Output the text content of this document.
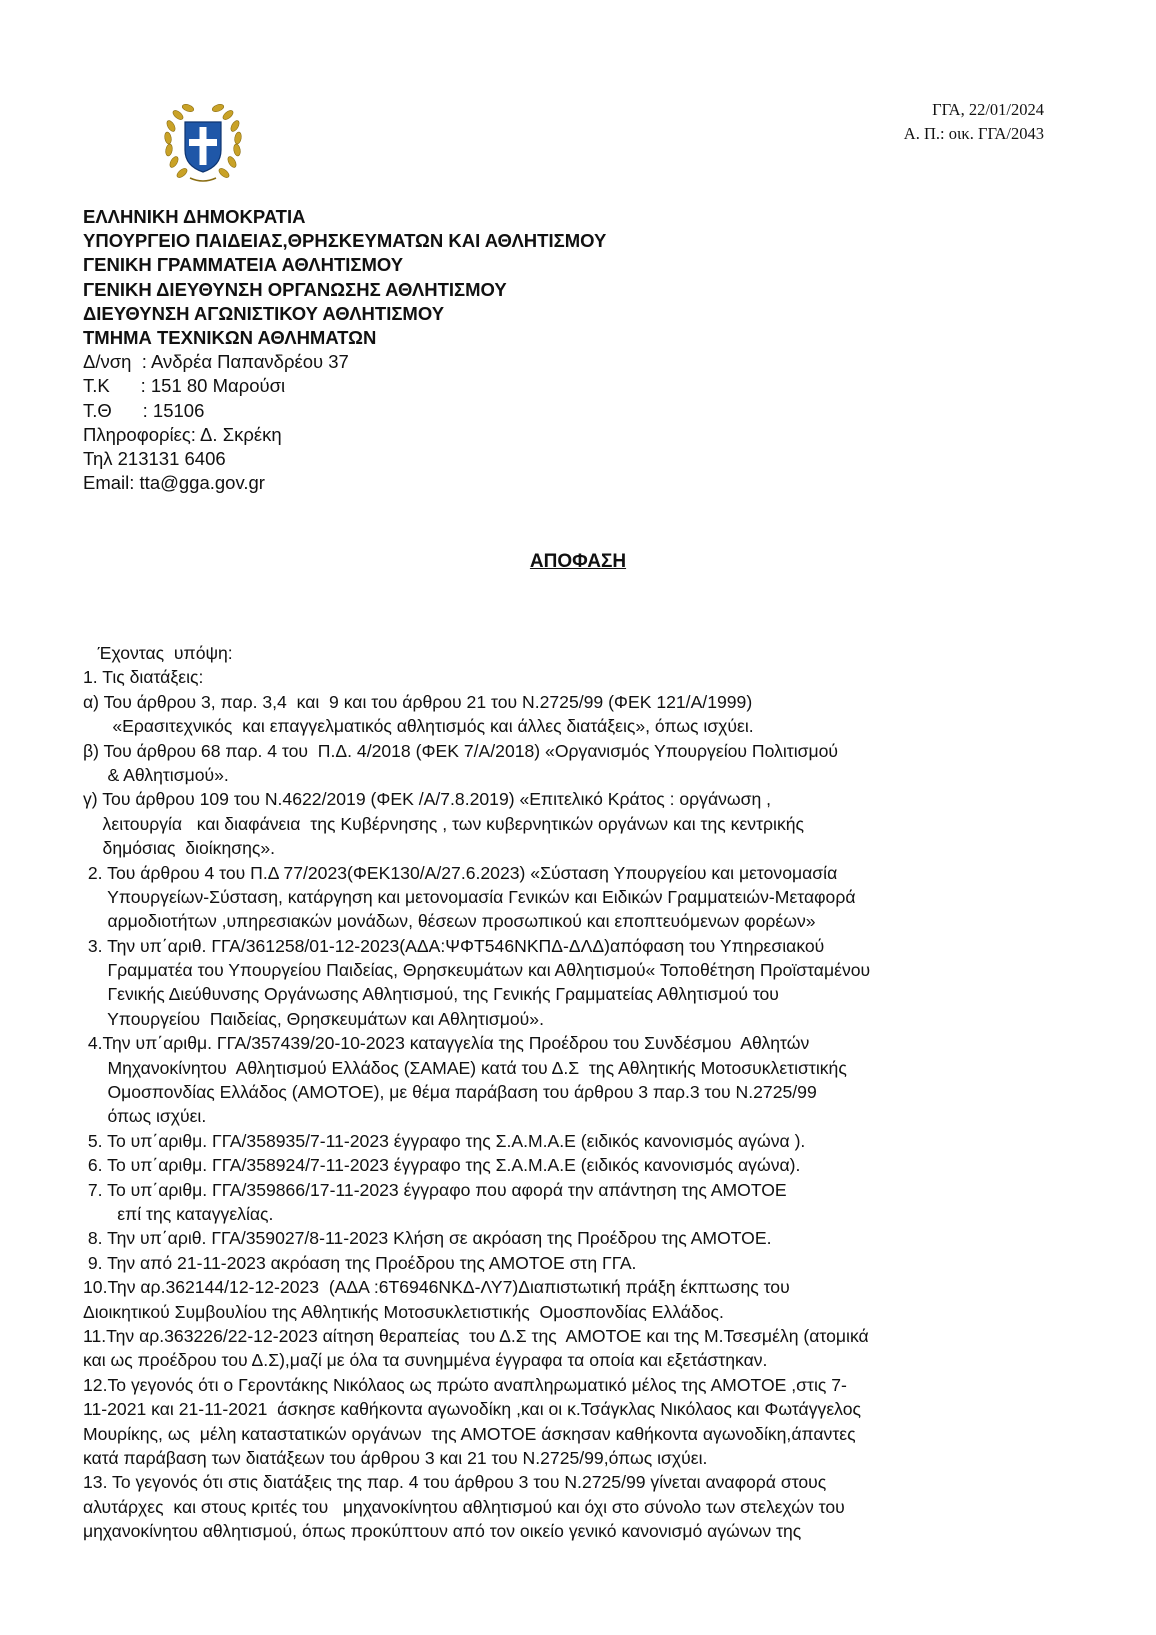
ΓΓΑ, 22/01/2024
Α. Π.: οικ. ΓΓΑ/2043
ΕΛΛΗΝΙΚΗ ΔΗΜΟΚΡΑΤΙΑ
ΥΠΟΥΡΓΕΙΟ ΠΑΙΔΕΙΑΣ,ΘΡΗΣΚΕΥΜΑΤΩΝ ΚΑΙ ΑΘΛΗΤΙΣΜΟΥ
ΓΕΝΙΚΗ ΓΡΑΜΜΑΤΕΙΑ ΑΘΛΗΤΙΣΜΟΥ
ΓΕΝΙΚΗ ΔΙΕΥΘΥΝΣΗ ΟΡΓΑΝΩΣΗΣ ΑΘΛΗΤΙΣΜΟΥ
ΔΙΕΥΘΥΝΣΗ ΑΓΩΝΙΣΤΙΚΟΥ ΑΘΛΗΤΙΣΜΟΥ
ΤΜΗΜΑ ΤΕΧΝΙΚΩΝ ΑΘΛΗΜΑΤΩΝ
Δ/νση  : Ανδρέα Παπανδρέου 37
Τ.Κ      : 151 80 Μαρούσι
Τ.Θ      : 15106
Πληροφορίες: Δ. Σκρέκη
Τηλ 213131 6406
Email: tta@gga.gov.gr
ΑΠΟΦΑΣΗ
Έχοντας  υπόψη:
1. Τις διατάξεις:
α) Του άρθρου 3, παρ. 3,4  και  9 και του άρθρου 21 του Ν.2725/99 (ΦΕΚ 121/Α/1999)
«Ερασιτεχνικός  και επαγγελματικός αθλητισμός και άλλες διατάξεις», όπως ισχύει.
β) Του άρθρου 68 παρ. 4 του  Π.Δ. 4/2018 (ΦΕΚ 7/Α/2018) «Οργανισμός Υπουργείου Πολιτισμού
& Αθλητισμού».
γ) Του άρθρου 109 του Ν.4622/2019 (ΦΕΚ /Α/7.8.2019) «Επιτελικό Κράτος : οργάνωση ,
λειτουργία   και διαφάνεια  της Κυβέρνησης , των κυβερνητικών οργάνων και της κεντρικής
δημόσιας  διοίκησης».
2. Του άρθρου 4 του Π.Δ 77/2023(ΦΕΚ130/Α/27.6.2023) «Σύσταση Υπουργείου και μετονομασία
Υπουργείων-Σύσταση, κατάργηση και μετονομασία Γενικών και Ειδικών Γραμματειών-Μεταφορά
αρμοδιοτήτων ,υπηρεσιακών μονάδων, θέσεων προσωπικού και εποπτευόμενων φορέων»
3. Την υπ΄αριθ. ΓΓΑ/361258/01-12-2023(ΑΔΑ:ΨΦΤ546ΝΚΠΔ-ΔΛΔ)απόφαση του Υπηρεσιακού
Γραμματέα του Υπουργείου Παιδείας, Θρησκευμάτων και Αθλητισμού« Τοποθέτηση Προϊσταμένου
Γενικής Διεύθυνσης Οργάνωσης Αθλητισμού, της Γενικής Γραμματείας Αθλητισμού του
Υπουργείου  Παιδείας, Θρησκευμάτων και Αθλητισμού».
4.Την υπ΄αριθμ. ΓΓΑ/357439/20-10-2023 καταγγελία της Προέδρου του Συνδέσμου  Αθλητών
Μηχανοκίνητου  Αθλητισμού Ελλάδος (ΣΑΜΑΕ) κατά του Δ.Σ  της Αθλητικής Μοτοσυκλετιστικής
Ομοσπονδίας Ελλάδος (ΑΜΟΤΟΕ), με θέμα παράβαση του άρθρου 3 παρ.3 του Ν.2725/99
όπως ισχύει.
5. Το υπ΄αριθμ. ΓΓΑ/358935/7-11-2023 έγγραφο της Σ.Α.Μ.Α.Ε (ειδικός κανονισμός αγώνα ).
6. Το υπ΄αριθμ. ΓΓΑ/358924/7-11-2023 έγγραφο της Σ.Α.Μ.Α.Ε (ειδικός κανονισμός αγώνα).
7. Το υπ΄αριθμ. ΓΓΑ/359866/17-11-2023 έγγραφο που αφορά την απάντηση της ΑΜΟΤΟΕ
επί της καταγγελίας.
8. Την υπ΄αριθ. ΓΓΑ/359027/8-11-2023 Κλήση σε ακρόαση της Προέδρου της ΑΜΟΤΟΕ.
9. Την από 21-11-2023 ακρόαση της Προέδρου της ΑΜΟΤΟΕ στη ΓΓΑ.
10.Την αρ.362144/12-12-2023  (ΑΔΑ :6Τ6946ΝΚΔ-ΛΥ7)Διαπιστωτική πράξη έκπτωσης του
Διοικητικού Συμβουλίου της Αθλητικής Μοτοσυκλετιστικής  Ομοσπονδίας Ελλάδος.
11.Την αρ.363226/22-12-2023 αίτηση θεραπείας  του Δ.Σ της  ΑΜΟΤΟΕ και της Μ.Τσεσμέλη (ατομικά
και ως προέδρου του Δ.Σ),μαζί με όλα τα συνημμένα έγγραφα τα οποία και εξετάστηκαν.
12.Το γεγονός ότι ο Γεροντάκης Νικόλαος ως πρώτο αναπληρωματικό μέλος της ΑΜΟΤΟΕ ,στις 7-
11-2021 και 21-11-2021  άσκησε καθήκοντα αγωνοδίκη ,και οι κ.Τσάγκλας Νικόλαος και Φωτάγγελος
Μουρίκης, ως  μέλη καταστατικών οργάνων  της ΑΜΟΤΟΕ άσκησαν καθήκοντα αγωνοδίκη,άπαντες
κατά παράβαση των διατάξεων του άρθρου 3 και 21 του Ν.2725/99,όπως ισχύει.
13. Το γεγονός ότι στις διατάξεις της παρ. 4 του άρθρου 3 του Ν.2725/99 γίνεται αναφορά στους
αλυτάρχες  και στους κριτές του   μηχανοκίνητου αθλητισμού και όχι στο σύνολο των στελεχών του
μηχανοκίνητου αθλητισμού, όπως προκύπτουν από τον οικείο γενικό κανονισμό αγώνων της
